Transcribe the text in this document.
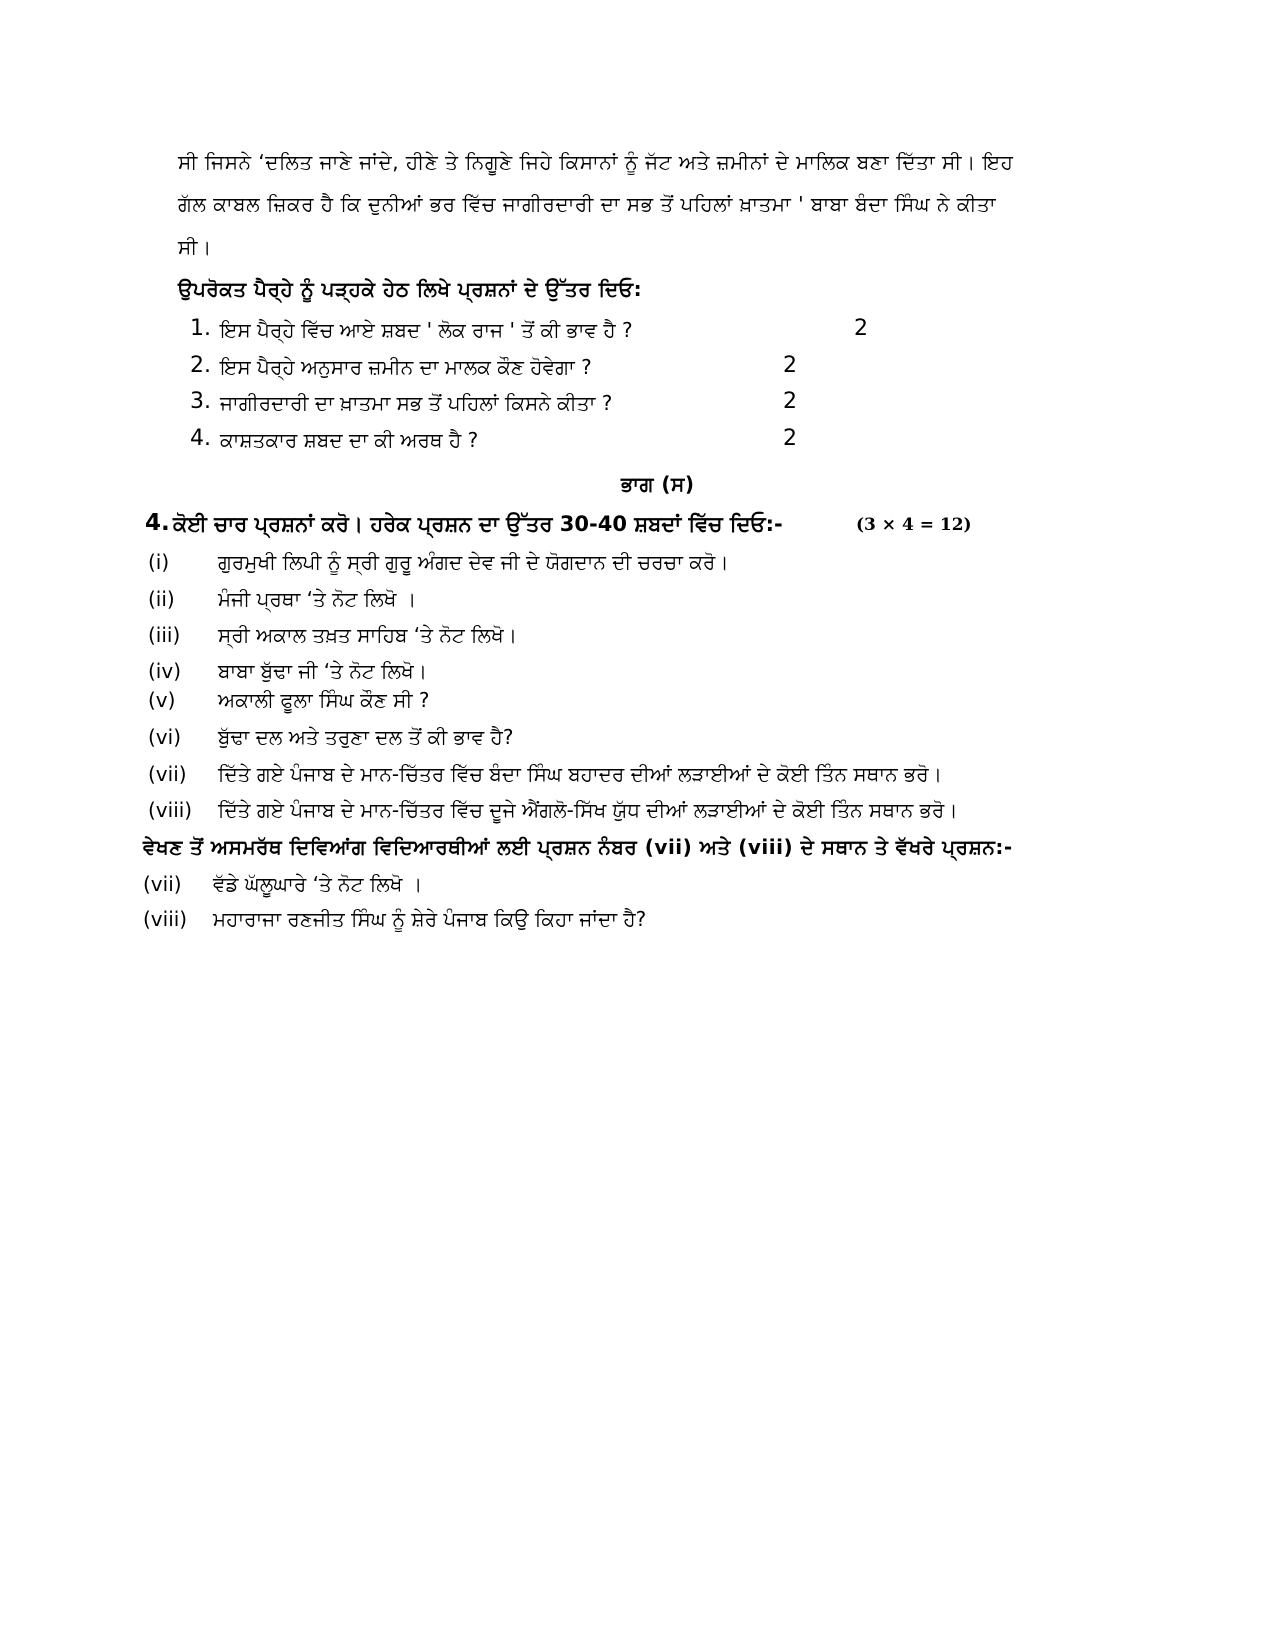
ਸੀ ਜਿਸਨੇ ‘ਦਲਿਤ ਜਾਣੇ ਜਾਂਦੇ, ਹੀਣੇ ਤੇ ਨਿਗੂਣੇ ਜਿਹੇ ਕਿਸਾਨਾਂ ਨੂੰ ਜੱਟ ਅਤੇ ਜ਼ਮੀਨਾਂ ਦੇ ਮਾਲਿਕ ਬਣਾ ਦਿੱਤਾ ਸੀ। ਇਹ
ਗੱਲ ਕਾਬਲ ਜ਼ਿਕਰ ਹੈ ਕਿ ਦੁਨੀਆਂ ਭਰ ਵਿੱਚ ਜਾਗੀਰਦਾਰੀ ਦਾ ਸਭ ਤੋਂ ਪਹਿਲਾਂ ਖ਼ਾਤਮਾ ' ਬਾਬਾ ਬੰਦਾ ਸਿੰਘ ਨੇ ਕੀਤਾ
ਸੀ।
ਉਪਰੋਕਤ ਪੈਰ੍ਹੇ ਨੂੰ ਪੜ੍ਹਕੇ ਹੇਠ ਲਿਖੇ ਪ੍ਰਸ਼ਨਾਂ ਦੇ ਉੱਤਰ ਦਿਓ:
1. ਇਸ ਪੈਰ੍ਹੇ ਵਿੱਚ ਆਏ ਸ਼ਬਦ ' ਲੋਕ ਰਾਜ ' ਤੋਂ ਕੀ ਭਾਵ ਹੈ ?	2
2. ਇਸ ਪੈਰ੍ਹੇ ਅਨੁਸਾਰ ਜ਼ਮੀਨ ਦਾ ਮਾਲਕ ਕੌਣ ਹੋਵੇਗਾ ?	2
3. ਜਾਗੀਰਦਾਰੀ ਦਾ ਖ਼ਾਤਮਾ ਸਭ ਤੋਂ ਪਹਿਲਾਂ ਕਿਸਨੇ ਕੀਤਾ ?	2
4. ਕਾਸ਼ਤਕਾਰ ਸ਼ਬਦ ਦਾ ਕੀ ਅਰਥ ਹੈ ?	2
ਭਾਗ (ਸ)
4. ਕੋਈ ਚਾਰ ਪ੍ਰਸ਼ਨਾਂ ਕਰੋ। ਹਰੇਕ ਪ੍ਰਸ਼ਨ ਦਾ ਉੱਤਰ 30-40 ਸ਼ਬਦਾਂ ਵਿੱਚ ਦਿਓ:-	(3 × 4 = 12)
(i) ਗੁਰਮੁਖੀ ਲਿਪੀ ਨੂੰ ਸ੍ਰੀ ਗੁਰੂ ਅੰਗਦ ਦੇਵ ਜੀ ਦੇ ਯੋਗਦਾਨ ਦੀ ਚਰਚਾ ਕਰੋ।
(ii) ਮੰਜੀ ਪ੍ਰਥਾ ‘ਤੇ ਨੋਟ ਲਿਖੋ ।
(iii) ਸ੍ਰੀ ਅਕਾਲ ਤਖ਼ਤ ਸਾਹਿਬ ‘ਤੇ ਨੋਟ ਲਿਖੋ।
(iv) ਬਾਬਾ ਬੁੱਢਾ ਜੀ ‘ਤੇ ਨੋਟ ਲਿਖੋ।
(v) ਅਕਾਲੀ ਫੂਲਾ ਸਿੰਘ ਕੌਣ ਸੀ ?
(vi) ਬੁੱਢਾ ਦਲ ਅਤੇ ਤਰੁਣਾ ਦਲ ਤੋਂ ਕੀ ਭਾਵ ਹੈ?
(vii) ਦਿੱਤੇ ਗਏ ਪੰਜਾਬ ਦੇ ਮਾਨ-ਚਿੱਤਰ ਵਿੱਚ ਬੰਦਾ ਸਿੰਘ ਬਹਾਦਰ ਦੀਆਂ ਲੜਾਈਆਂ ਦੇ ਕੋਈ ਤਿੰਨ ਸਥਾਨ ਭਰੋ।
(viii) ਦਿੱਤੇ ਗਏ ਪੰਜਾਬ ਦੇ ਮਾਨ-ਚਿੱਤਰ ਵਿੱਚ ਦੂਜੇ ਐਂਗਲੋ-ਸਿੱਖ ਯੁੱਧ ਦੀਆਂ ਲੜਾਈਆਂ ਦੇ ਕੋਈ ਤਿੰਨ ਸਥਾਨ ਭਰੋ।
ਵੇਖਣ ਤੋਂ ਅਸਮਰੱਥ ਦਿਵਿਆਂਗ ਵਿਦਿਆਰਥੀਆਂ ਲਈ ਪ੍ਰਸ਼ਨ ਨੰਬਰ (vii) ਅਤੇ (viii) ਦੇ ਸਥਾਨ ਤੇ ਵੱਖਰੇ ਪ੍ਰਸ਼ਨ:-
(vii) ਵੱਡੇ ਘੱਲੂਘਾਰੇ ‘ਤੇ ਨੋਟ ਲਿਖੋ ।
(viii) ਮਹਾਰਾਜਾ ਰਣਜੀਤ ਸਿੰਘ ਨੂੰ ਸ਼ੇਰੇ ਪੰਜਾਬ ਕਿਉ ਕਿਹਾ ਜਾਂਦਾ ਹੈ?
